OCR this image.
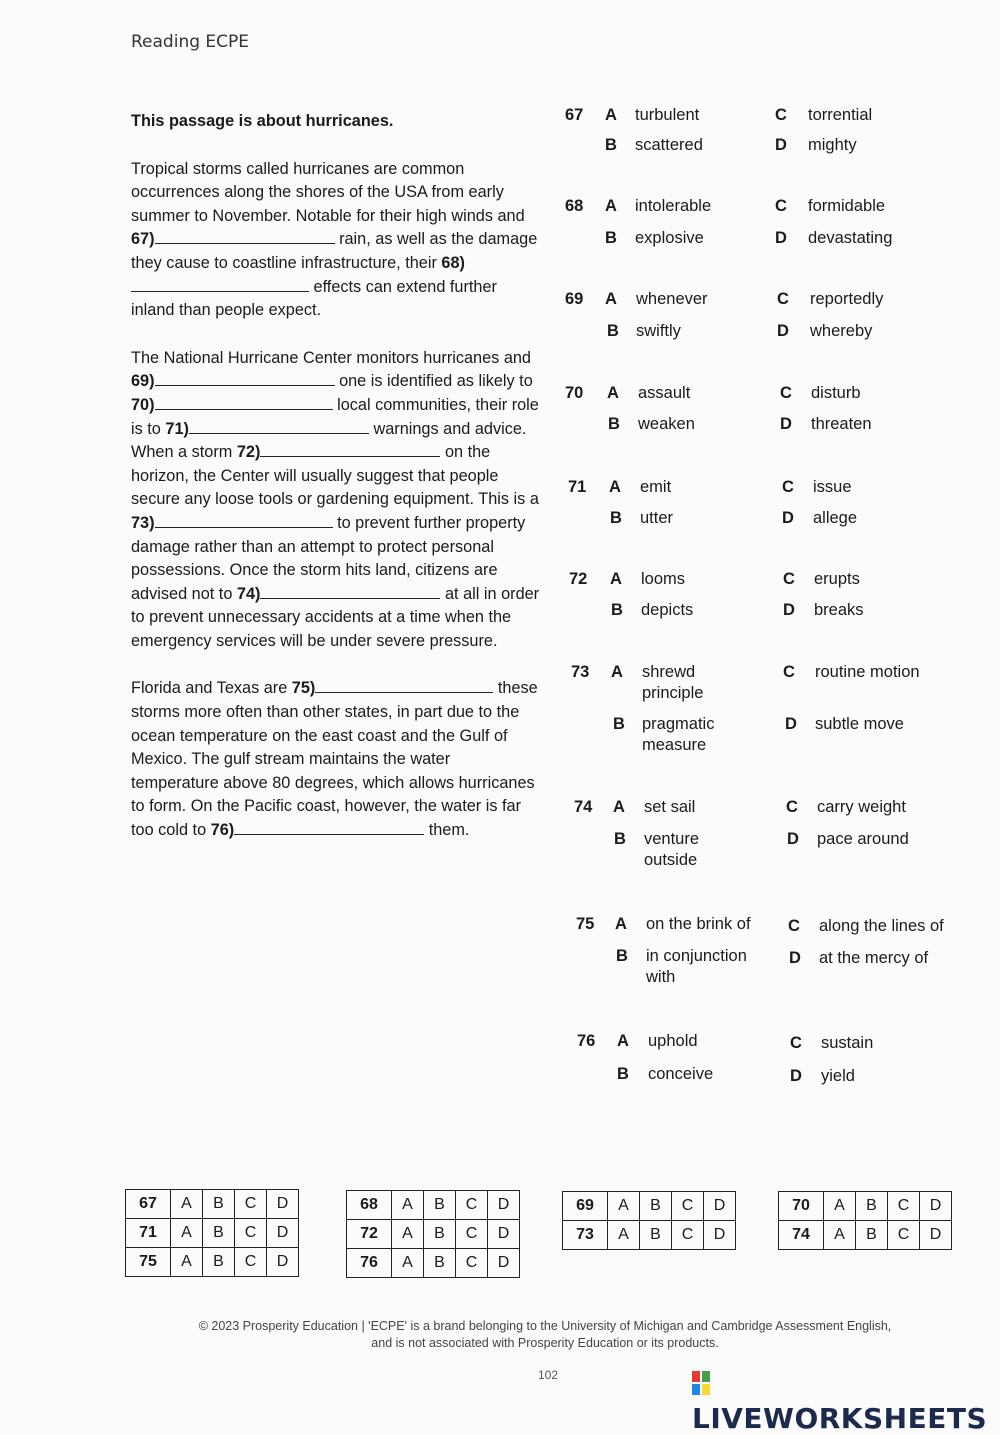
Reading ECPE
This passage is about hurricanes.

Tropical storms called hurricanes are common occurrences along the shores of the USA from early summer to November. Notable for their high winds and 67)	rain, as well as the damage they cause to coastline infrastructure, their 68) effects can extend further inland than people expect.

The National Hurricane Center monitors hurricanes and 69)	one is identified as likely to 70)	local communities, their role is to 71)	warnings and advice. When a storm 72)	on the horizon, the Center will usually suggest that people secure any loose tools or gardening equipment. This is a 73)	to prevent further property damage rather than an attempt to protect personal possessions. Once the storm hits land, citizens are advised not to 74)	at all in order to prevent unnecessary accidents at a time when the emergency services will be under severe pressure.

Florida and Texas are 75)	these storms more often than other states, in part due to the ocean temperature on the east coast and the Gulf of Mexico. The gulf stream maintains the water temperature above 80 degrees, which allows hurricanes to form. On the Pacific coast, however, the water is far too cold to 76)	them.

67 A turbulent
B scattered
C torrential
D mighty
68 A intolerable
B explosive
C formidable
D devastating
69 A whenever
B swiftly
C reportedly
D whereby
70 A assault
B weaken
C disturb
D threaten
71 A emit
B utter
C issue
D allege
72 A looms
B depicts
C erupts
D breaks
73 A shrewd principle
B pragmatic measure
C routine motion
D subtle move
74 A set sail
B venture outside
C carry weight
D pace around
75 A on the brink of
B in conjunction with
C along the lines of
D at the mercy of
76 A uphold
B conceive
C sustain
D yield
67	A	B	C	D
71	A	B	C	D
75	A	B	C	D
68	A	B	C	D
72	A	B	C	D
76	A	B	C	D
69	A	B	C	D
73	A	B	C	D
70	A	B	C	D
74	A	B	C	D
© 2023 Prosperity Education | 'ECPE' is a brand belonging to the University of Michigan and Cambridge Assessment English,
and is not associated with Prosperity Education or its products.
102
LIVEWORKSHEETS
